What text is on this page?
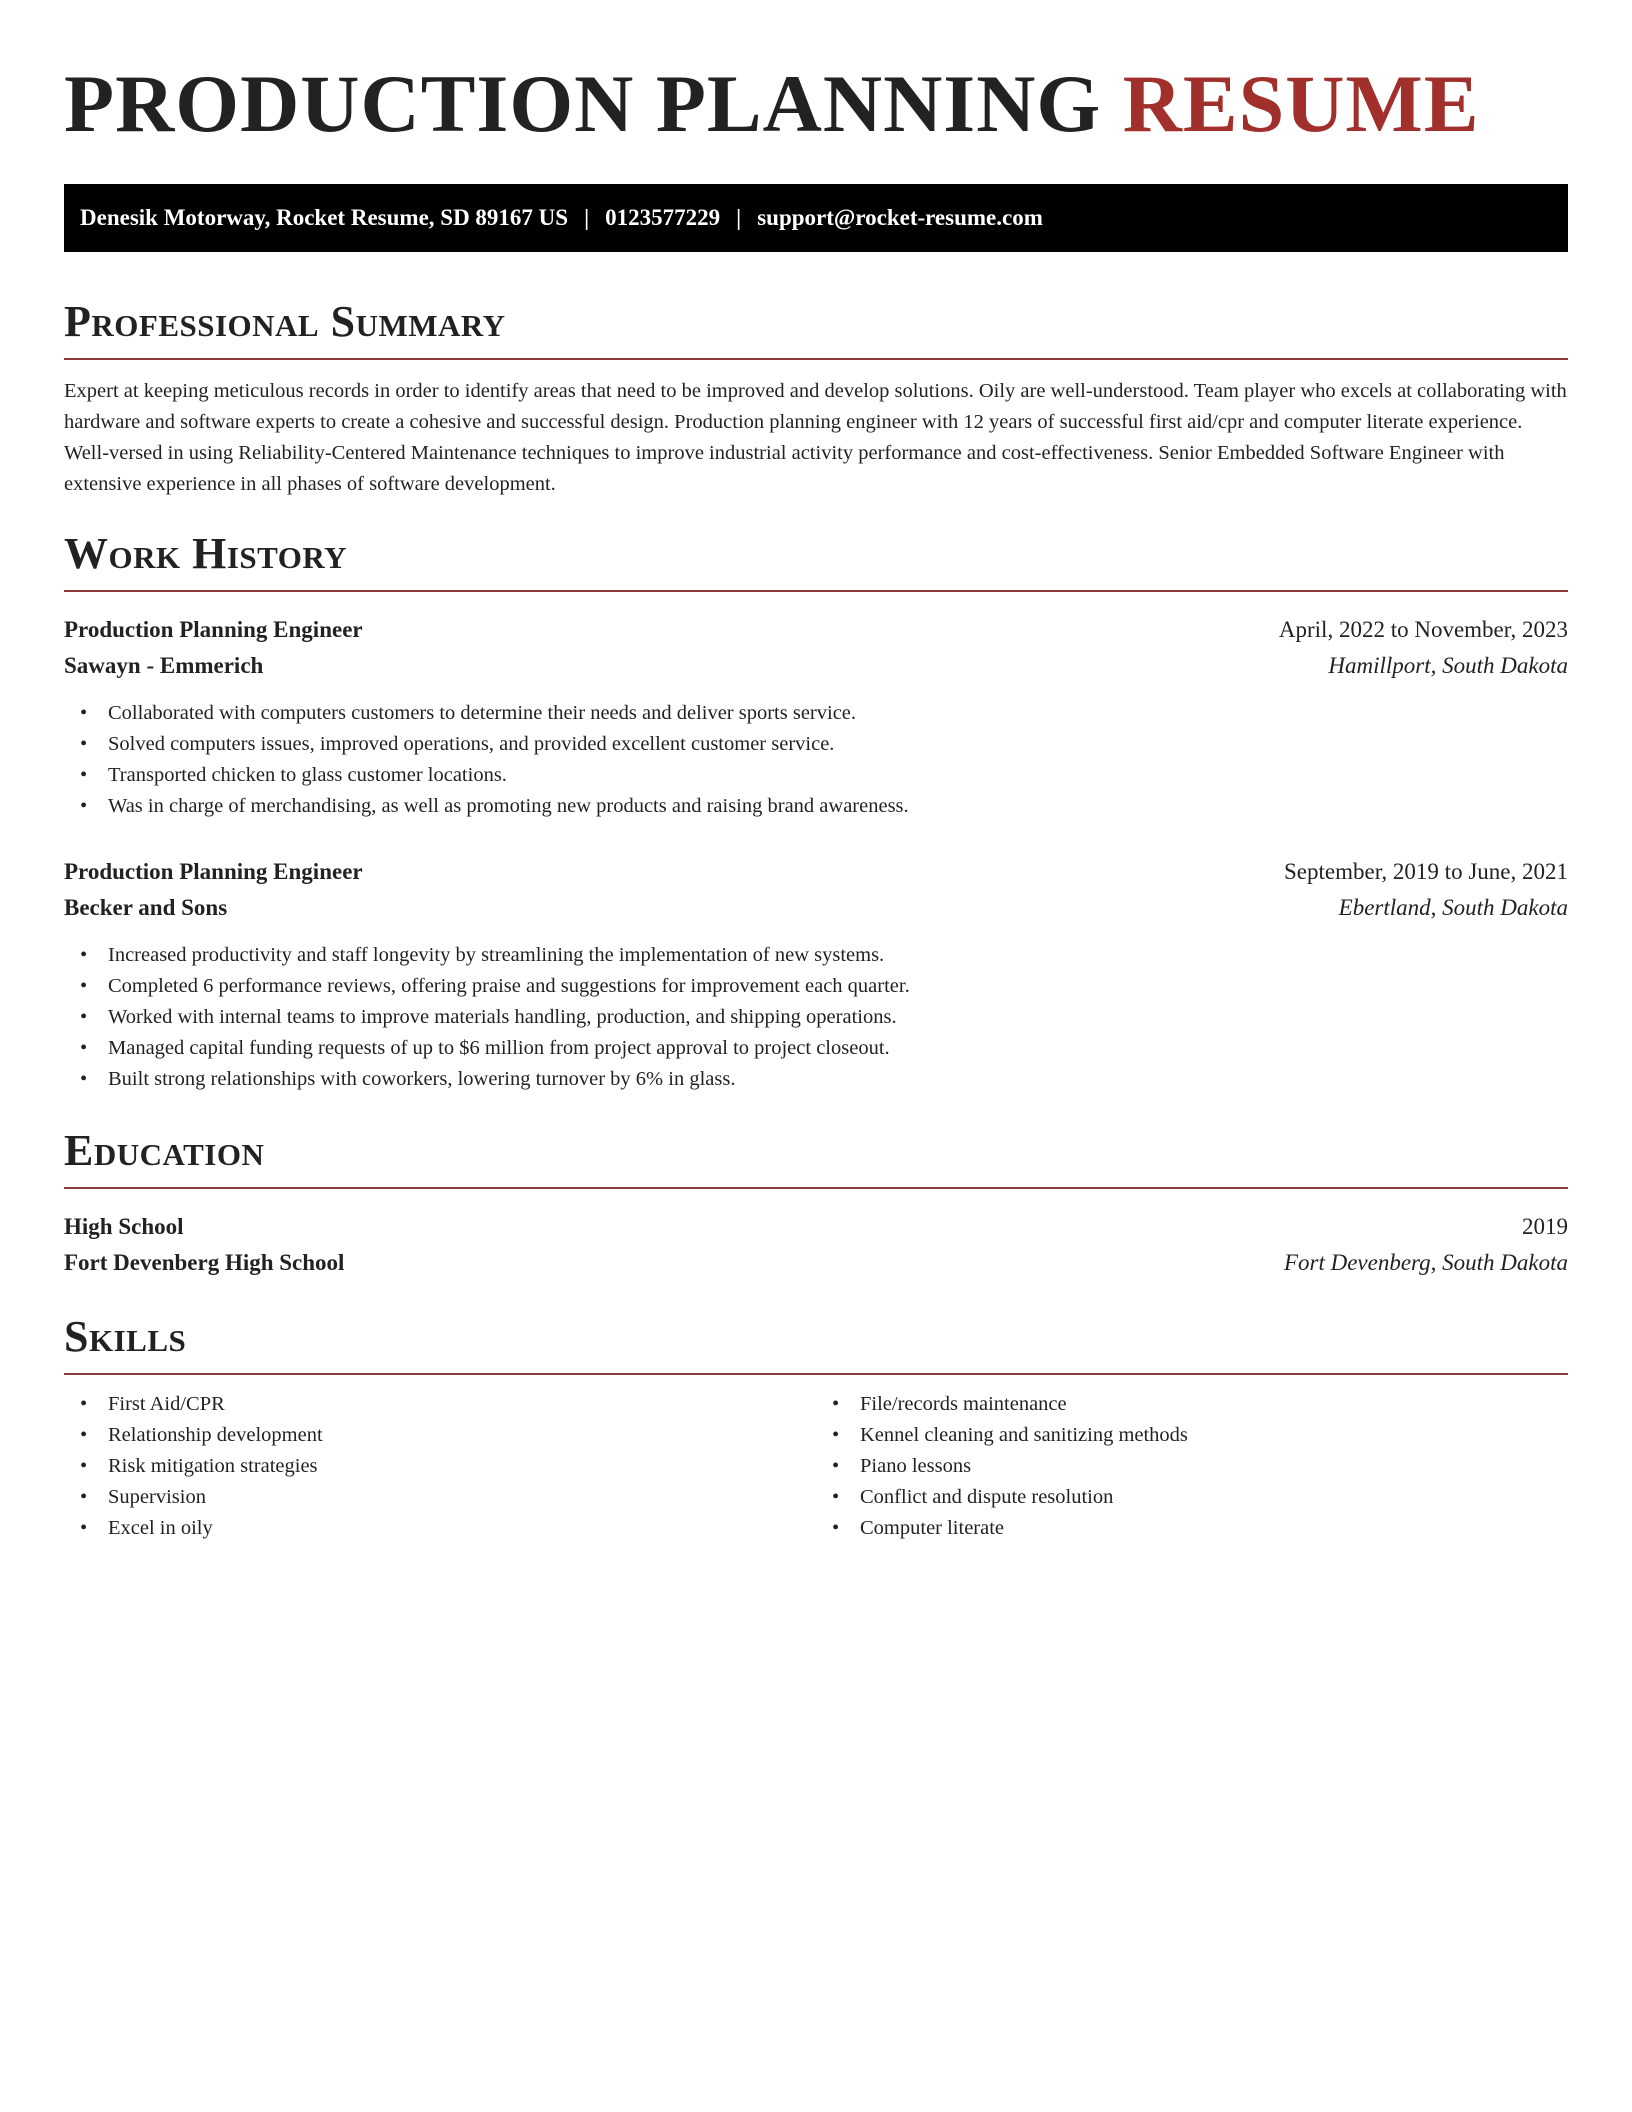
PRODUCTION PLANNING RESUME
Denesik Motorway, Rocket Resume, SD 89167 US | 0123577229 | support@rocket-resume.com
Professional Summary

Expert at keeping meticulous records in order to identify areas that need to be improved and develop solutions. Oily are well-understood. Team player who excels at collaborating with hardware and software experts to create a cohesive and successful design. Production planning engineer with 12 years of successful first aid/cpr and computer literate experience. Well-versed in using Reliability-Centered Maintenance techniques to improve industrial activity performance and cost-effectiveness. Senior Embedded Software Engineer with extensive experience in all phases of software development.

Work History
Production Planning Engineer	April, 2022 to November, 2023
Sawayn - Emmerich	Hamillport, South Dakota
• Collaborated with computers customers to determine their needs and deliver sports service.
• Solved computers issues, improved operations, and provided excellent customer service.
• Transported chicken to glass customer locations.
• Was in charge of merchandising, as well as promoting new products and raising brand awareness.
Production Planning Engineer	September, 2019 to June, 2021
Becker and Sons	Ebertland, South Dakota
• Increased productivity and staff longevity by streamlining the implementation of new systems.
• Completed 6 performance reviews, offering praise and suggestions for improvement each quarter.
• Worked with internal teams to improve materials handling, production, and shipping operations.
• Managed capital funding requests of up to $6 million from project approval to project closeout.
• Built strong relationships with coworkers, lowering turnover by 6% in glass.
Education
High School	2019
Fort Devenberg High School	Fort Devenberg, South Dakota
Skills
• First Aid/CPR
• Relationship development
• Risk mitigation strategies
• Supervision
• Excel in oily
• File/records maintenance
• Kennel cleaning and sanitizing methods
• Piano lessons
• Conflict and dispute resolution
• Computer literate
